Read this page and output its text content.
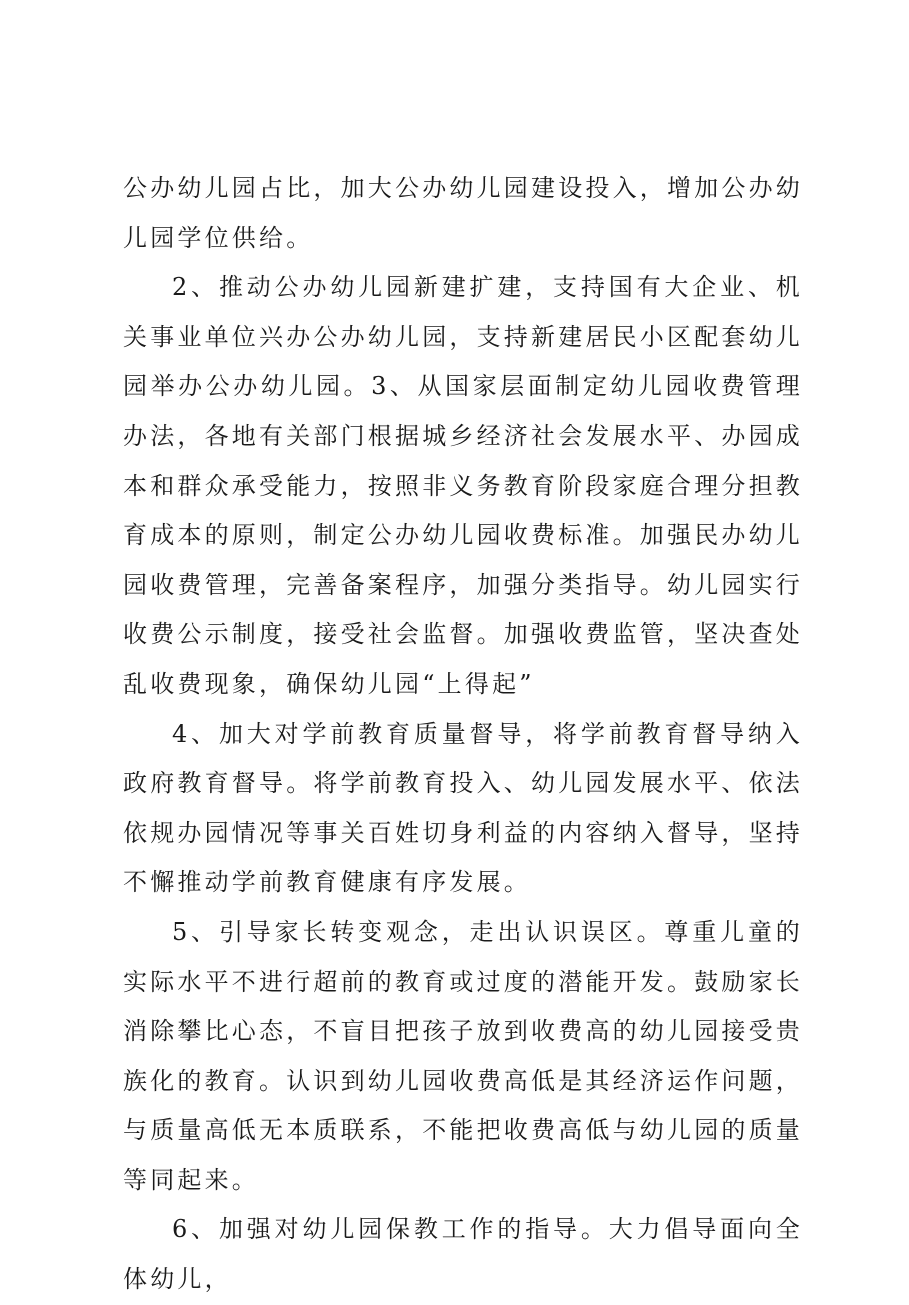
公办幼儿园占比，加大公办幼儿园建设投入，增加公办幼儿园学位供给。

2、推动公办幼儿园新建扩建，支持国有大企业、机关事业单位兴办公办幼儿园，支持新建居民小区配套幼儿园举办公办幼儿园。3、从国家层面制定幼儿园收费管理办法，各地有关部门根据城乡经济社会发展水平、办园成本和群众承受能力，按照非义务教育阶段家庭合理分担教育成本的原则，制定公办幼儿园收费标准。加强民办幼儿园收费管理，完善备案程序，加强分类指导。幼儿园实行收费公示制度，接受社会监督。加强收费监管，坚决查处乱收费现象，确保幼儿园“上得起”

4、加大对学前教育质量督导，将学前教育督导纳入政府教育督导。将学前教育投入、幼儿园发展水平、依法依规办园情况等事关百姓切身利益的内容纳入督导，坚持不懈推动学前教育健康有序发展。

5、引导家长转变观念，走出认识误区。尊重儿童的实际水平不进行超前的教育或过度的潜能开发。鼓励家长消除攀比心态，不盲目把孩子放到收费高的幼儿园接受贵族化的教育。认识到幼儿园收费高低是其经济运作问题，与质量高低无本质联系，不能把收费高低与幼儿园的质量等同起来。

6、加强对幼儿园保教工作的指导。大力倡导面向全体幼儿，
